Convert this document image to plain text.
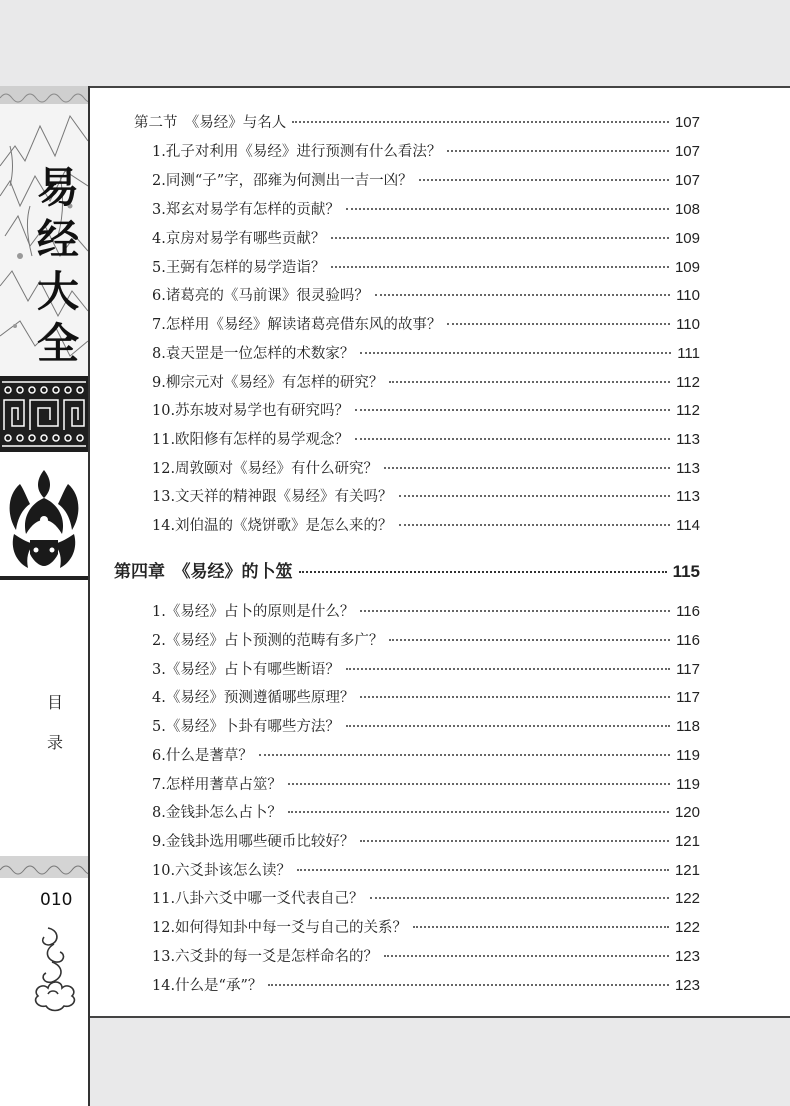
易
经
大
全
目
录
010
第二节　《易经》与名人	107
1.孔子对利用《易经》进行预测有什么看法？	107
2.同测“子”字，邵雍为何测出一吉一凶？	107
3.郑玄对易学有怎样的贡献？	108
4.京房对易学有哪些贡献？	109
5.王弼有怎样的易学造诣？	109
6.诸葛亮的《马前课》很灵验吗？	110
7.怎样用《易经》解读诸葛亮借东风的故事？	110
8.袁天罡是一位怎样的术数家？	111
9.柳宗元对《易经》有怎样的研究？	112
10.苏东坡对易学也有研究吗？	112
11.欧阳修有怎样的易学观念？	113
12.周敦颐对《易经》有什么研究？	113
13.文天祥的精神跟《易经》有关吗？	113
14.刘伯温的《烧饼歌》是怎么来的？	114
第四章　《易经》的卜筮	115
1.《易经》占卜的原则是什么？	116
2.《易经》占卜预测的范畴有多广？	116
3.《易经》占卜有哪些断语？	117
4.《易经》预测遵循哪些原理？	117
5.《易经》卜卦有哪些方法？	118
6.什么是蓍草？	119
7.怎样用蓍草占筮？	119
8.金钱卦怎么占卜？	120
9.金钱卦选用哪些硬币比较好？	121
10.六爻卦该怎么读？	121
11.八卦六爻中哪一爻代表自己？	122
12.如何得知卦中每一爻与自己的关系？	122
13.六爻卦的每一爻是怎样命名的？	123
14.什么是“承”？	123
